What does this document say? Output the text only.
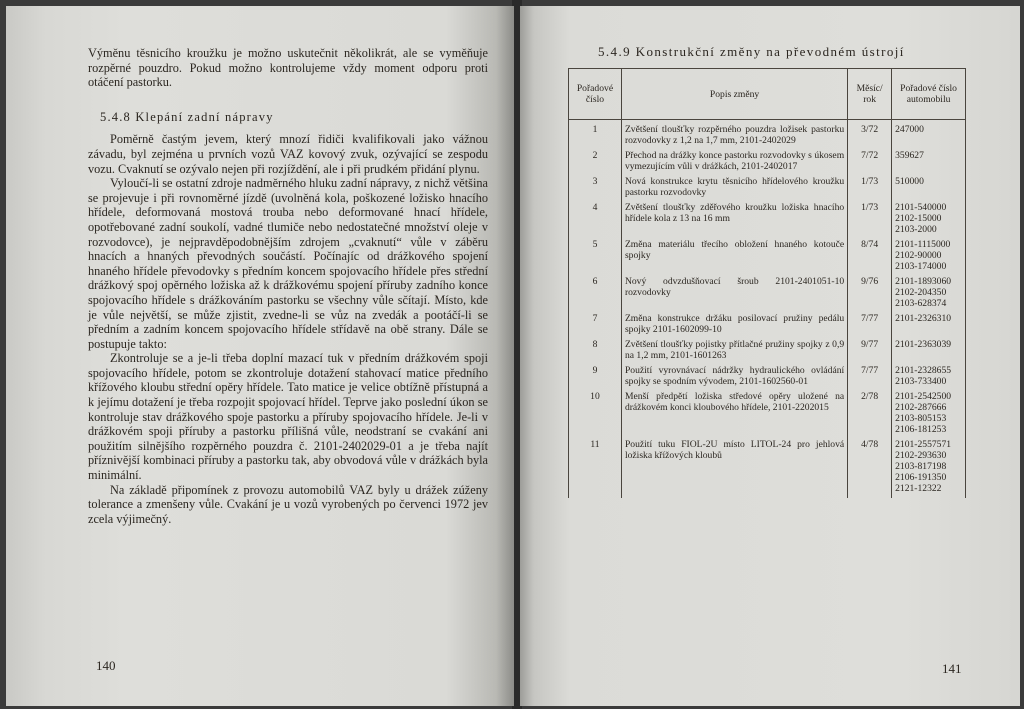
Výměnu těsnicího kroužku je možno uskutečnit několikrát, ale se vyměňuje rozpěrné pouzdro. Pokud možno kontrolujeme vždy moment odporu proti otáčení pastorku.

5.4.8 Klepání zadní nápravy

Poměrně častým jevem, který mnozí řidiči kvalifikovali jako vážnou závadu, byl zejména u prvních vozů VAZ kovový zvuk, ozývající se zespodu vozu. Cvaknutí se ozývalo nejen při rozjíždění, ale i při prudkém přidání plynu.

Vyloučí-li se ostatní zdroje nadměrného hluku zadní nápravy, z nichž většina se projevuje i při rovnoměrné jízdě (uvolněná kola, poškozené ložisko hnacího hřídele, deformovaná mostová trouba nebo deformované hnací hřídele, opotřebované zadní soukolí, vadné tlumiče nebo nedostatečné množství oleje v rozvodovce), je nejpravděpodobnějším zdrojem „cvaknutí“ vůle v záběru hnacích a hnaných převodných součástí. Počínajíc od drážkového spojení hnaného hřídele převodovky s předním koncem spojovacího hřídele přes střední drážkový spoj opěrného ložiska až k drážkovému spojení příruby zadního konce spojovacího hřídele s drážkováním pastorku se všechny vůle sčítají. Místo, kde je vůle největší, se může zjistit, zvedne-li se vůz na zvedák a pootáčí-li se předním a zadním koncem spojovacího hřídele střídavě na obě strany. Dále se postupuje takto:

Zkontroluje se a je-li třeba doplní mazací tuk v předním drážkovém spoji spojovacího hřídele, potom se zkontroluje dotažení stahovací matice předního křížového kloubu střední opěry hřídele. Tato matice je velice obtížně přístupná a k jejímu dotažení je třeba rozpojit spojovací hřídel. Teprve jako poslední úkon se kontroluje stav drážkového spoje pastorku a příruby spojovacího hřídele. Je-li v drážkovém spoji příruby a pastorku přílišná vůle, neodstraní se cvakání ani použitím silnějšího rozpěrného pouzdra č. 2101-2402029-01 a je třeba najít příznivější kombinaci příruby a pastorku tak, aby obvodová vůle v drážkách byla minimální.

Na základě připomínek z provozu automobilů VAZ byly u drážek zúženy tolerance a zmenšeny vůle. Cvakání je u vozů vyrobených po červenci 1972 jev zcela výjimečný.

140
5.4.9 Konstrukční změny na převodném ústrojí
Pořadové číslo	Popis změny	Měsíc/ rok	Pořadové číslo automobilu
1	Zvětšení tloušťky rozpěrného pouzdra ložisek pastorku rozvodovky z 1,2 na 1,7 mm, 2101-2402029	3/72	247000
2	Přechod na drážky konce pastorku rozvodovky s úkosem vymezujícím vůli v drážkách, 2101-2402017	7/72	359627
3	Nová konstrukce krytu těsnicího hřídelového kroužku pastorku rozvodovky	1/73	510000
4	Zvětšení tloušťky zděřového kroužku ložiska hnacího hřídele kola z 13 na 16 mm	1/73	2101-540000
2102-15000
2103-2000
5	Změna materiálu třecího obložení hnaného kotouče spojky	8/74	2101-1115000
2102-90000
2103-174000
6	Nový odvzdušňovací šroub 2101-2401051-10 rozvodovky	9/76	2101-1893060
2102-204350
2103-628374
7	Změna konstrukce držáku posilovací pružiny pedálu spojky 2101-1602099-10	7/77	2101-2326310
8	Zvětšení tloušťky pojistky přítlačné pružiny spojky z 0,9 na 1,2 mm, 2101-1601263	9/77	2101-2363039
9	Použití vyrovnávací nádržky hydraulického ovládání spojky se spodním vývodem, 2101-1602560-01	7/77	2101-2328655
2103-733400
10	Menší předpětí ložiska středové opěry uložené na drážkovém konci kloubového hřídele, 2101-2202015	2/78	2101-2542500
2102-287666
2103-805153
2106-181253
11	Použití tuku FIOL-2U místo LITOL-24 pro jehlová ložiska křížových kloubů	4/78	2101-2557571
2102-293630
2103-817198
2106-191350
2121-12322
141
